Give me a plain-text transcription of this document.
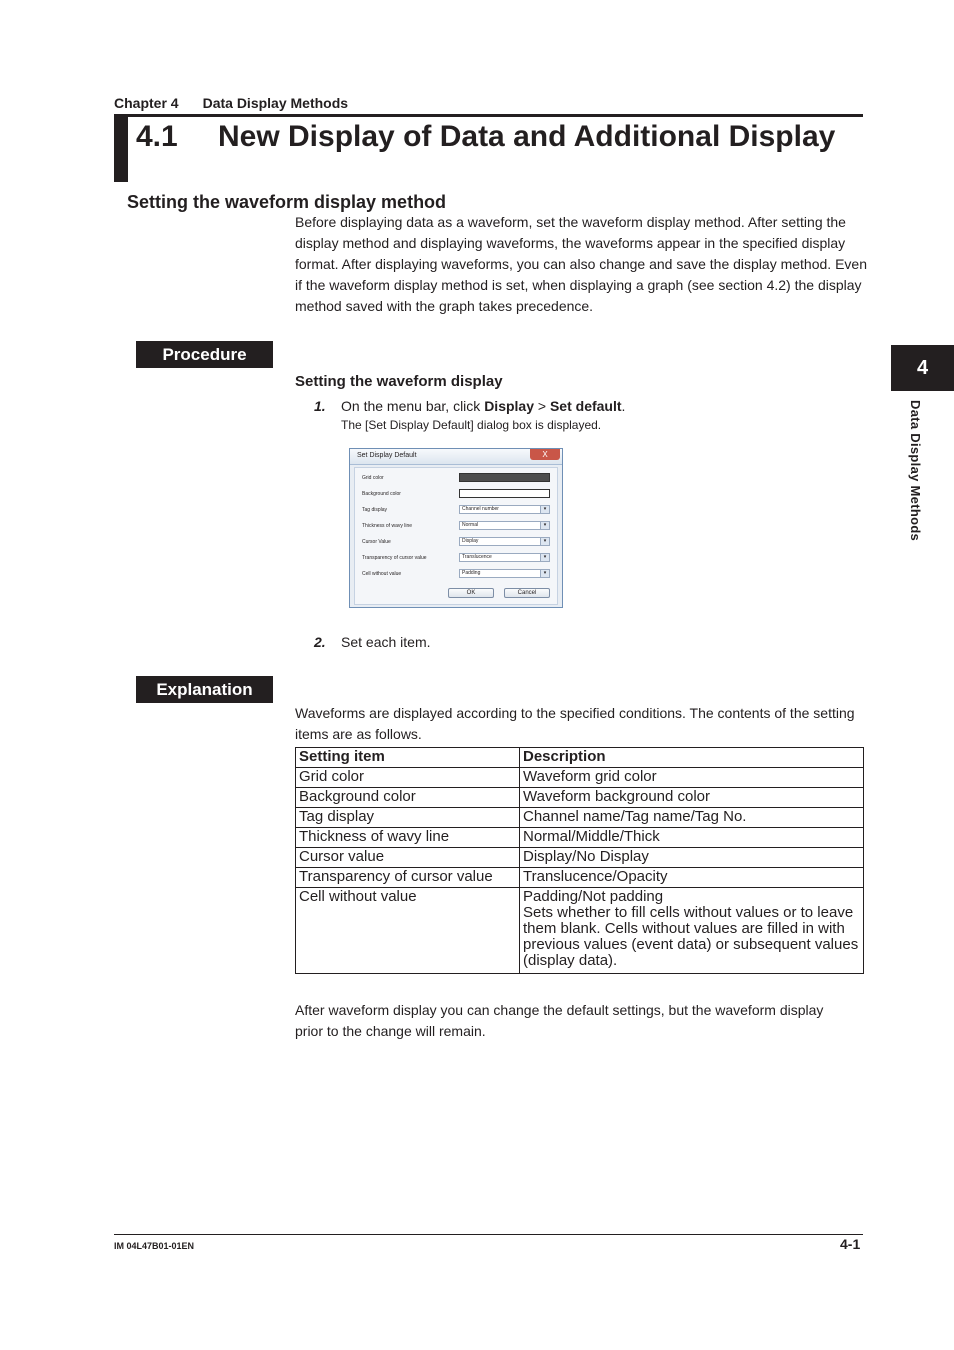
Chapter 4 Data Display Methods
4.1 New Display of Data and Additional Display
4
Data Display Methods
Setting the waveform display method
Before displaying data as a waveform, set the waveform display method. After setting the display method and displaying waveforms, the waveforms appear in the specified display format. After displaying waveforms, you can also change and save the display method. Even if the waveform display method is set, when displaying a graph (see section 4.2) the display method saved with the graph takes precedence.
Procedure
Setting the waveform display
1. On the menu bar, click Display > Set default.
The [Set Display Default] dialog box is displayed.
Set Display Default	X
Grid color
Background color
Tag display	Channel number	▾
Thickness of wavy line	Normal	▾
Cursor Value	Display	▾
Transparency of cursor value	Translucence	▾
Cell without value	Padding	▾
OK	Cancel
2. Set each item.
Explanation
Waveforms are displayed according to the specified conditions. The contents of the setting items are as follows.
Setting item	Description
Grid color	Waveform grid color
Background color	Waveform background color
Tag display	Channel name/Tag name/Tag No.
Thickness of wavy line	Normal/Middle/Thick
Cursor value	Display/No Display
Transparency of cursor value	Translucence/Opacity
Cell without value	Padding/Not padding
Sets whether to fill cells without values or to leave them blank. Cells without values are filled in with previous values (event data) or subsequent values (display data).
After waveform display you can change the default settings, but the waveform display prior to the change will remain.
IM 04L47B01-01EN	4-1
